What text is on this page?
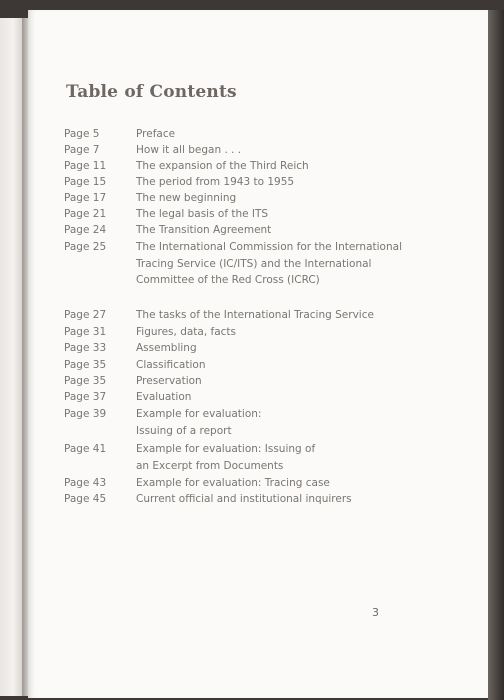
Table of Contents
Page 5	Preface
Page 7	How it all began . . .
Page 11	The expansion of the Third Reich
Page 15	The period from 1943 to 1955
Page 17	The new beginning
Page 21	The legal basis of the ITS
Page 24	The Transition Agreement
Page 25	The International Commission for the International Tracing Service (IC/ITS) and the International Committee of the Red Cross (ICRC)
Page 27	The tasks of the International Tracing Service
Page 31	Figures, data, facts
Page 33	Assembling
Page 35	Classification
Page 35	Preservation
Page 37	Evaluation
Page 39	Example for evaluation: Issuing of a report
Page 41	Example for evaluation: Issuing of an Excerpt from Documents
Page 43	Example for evaluation: Tracing case
Page 45	Current official and institutional inquirers
3
